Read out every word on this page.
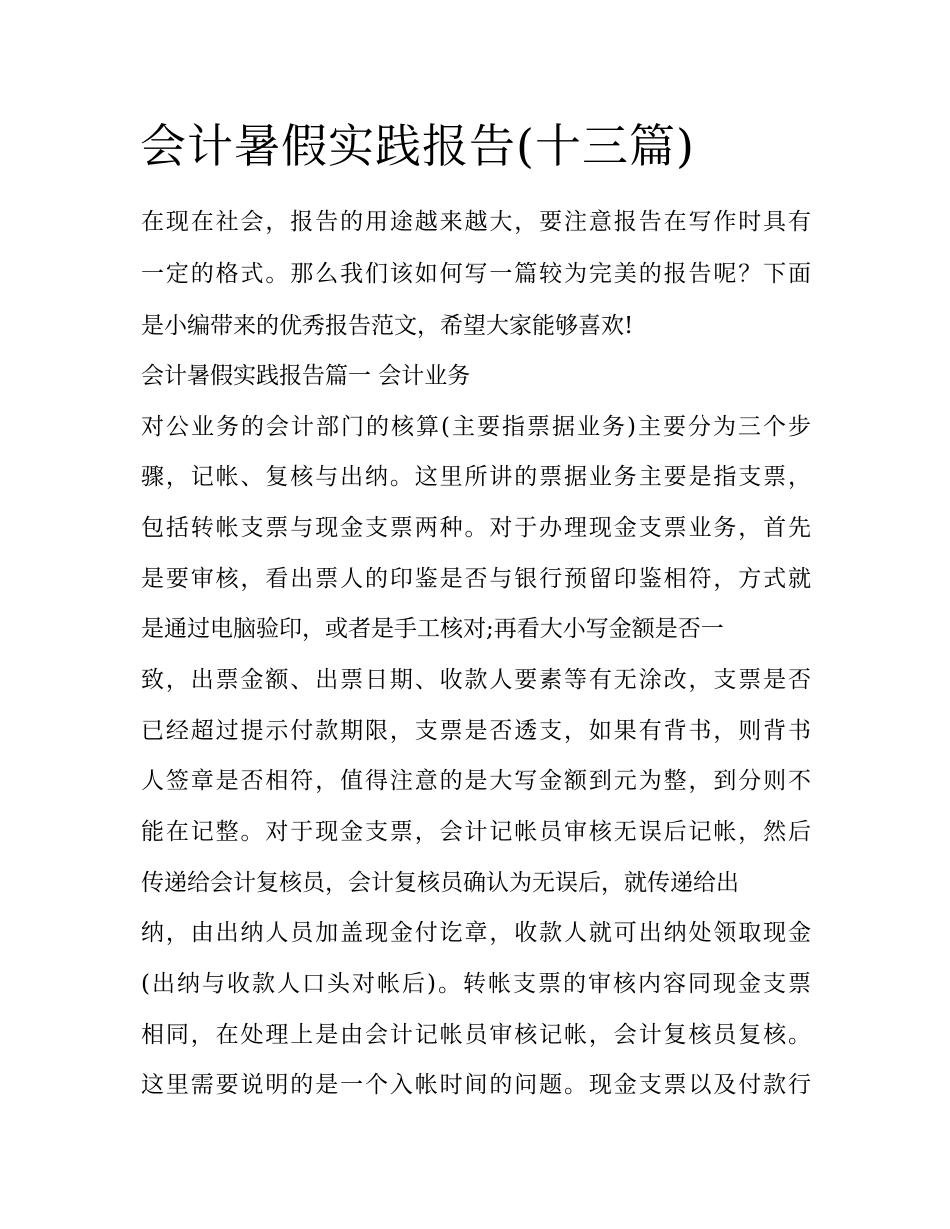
会计暑假实践报告(十三篇)
在现在社会，报告的用途越来越大，要注意报告在写作时具有
一定的格式。那么我们该如何写一篇较为完美的报告呢？下面
是小编带来的优秀报告范文，希望大家能够喜欢!
会计暑假实践报告篇一 会计业务
对公业务的会计部门的核算(主要指票据业务)主要分为三个步
骤，记帐、复核与出纳。这里所讲的票据业务主要是指支票，
包括转帐支票与现金支票两种。对于办理现金支票业务，首先
是要审核，看出票人的印鉴是否与银行预留印鉴相符，方式就
是通过电脑验印，或者是手工核对;再看大小写金额是否一
致，出票金额、出票日期、收款人要素等有无涂改，支票是否
已经超过提示付款期限，支票是否透支，如果有背书，则背书
人签章是否相符，值得注意的是大写金额到元为整，到分则不
能在记整。对于现金支票，会计记帐员审核无误后记帐，然后
传递给会计复核员，会计复核员确认为无误后，就传递给出
纳，由出纳人员加盖现金付讫章，收款人就可出纳处领取现金
(出纳与收款人口头对帐后)。转帐支票的审核内容同现金支票
相同，在处理上是由会计记帐员审核记帐，会计复核员复核。
这里需要说明的是一个入帐时间的问题。现金支票以及付款行
